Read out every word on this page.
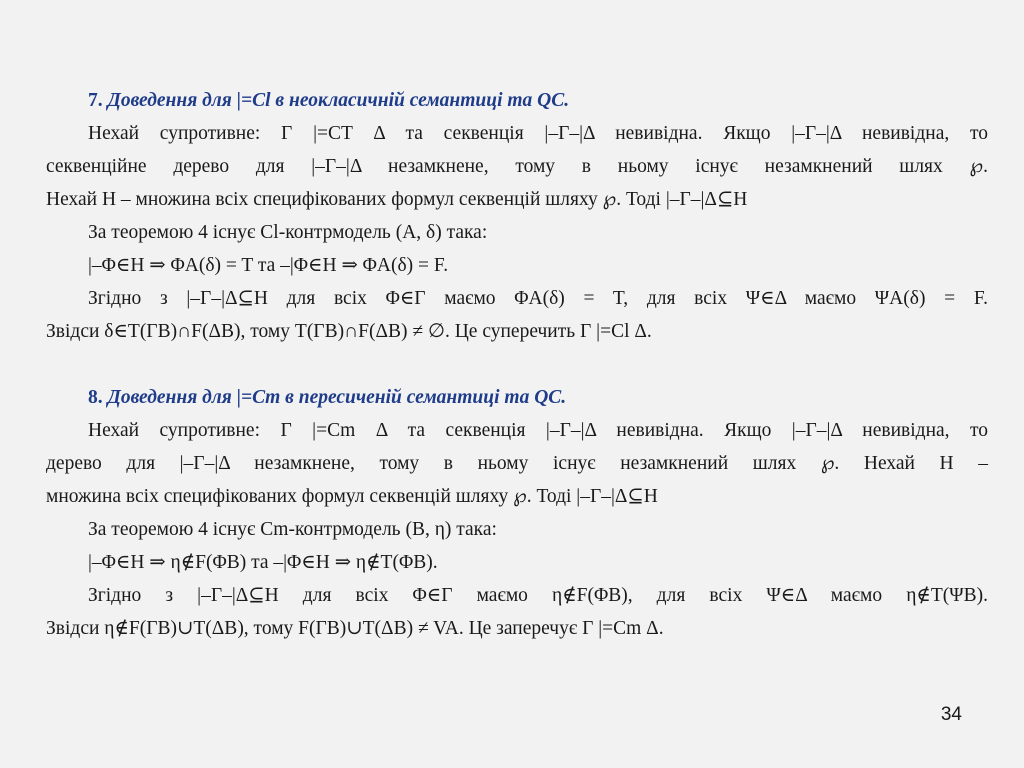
7. Доведення для |=Cl в неокласичній семантиці та QC.
Нехай супротивне: Γ |=CT Δ та секвенція |–Γ–|Δ невивідна. Якщо |–Γ–|Δ невивідна, то
секвенційне дерево для |–Γ–|Δ незамкнене, тому в ньому існує незамкнений шлях ℘.
Нехай H – множина всіх специфікованих формул секвенцій шляху ℘. Тоді |–Γ–|Δ⊆H
За теоремою 4 існує Cl-контрмодель (A, δ) така:
|–Φ∈H ⇒ ΦA(δ) = T та –|Φ∈H ⇒ ΦA(δ) = F.
Згідно з |–Γ–|Δ⊆H для всіх Φ∈Γ маємо ΦA(δ) = T, для всіх Ψ∈Δ маємо ΨA(δ) = F.
Звідси δ∈T(ΓB)∩F(ΔB), тому T(ΓB)∩F(ΔB) ≠ ∅. Це суперечить Γ |=Cl Δ.
8. Доведення для |=Cm в пересиченій семантиці та QC.
Нехай супротивне: Γ |=Cm Δ та секвенція |–Γ–|Δ невивідна. Якщо |–Γ–|Δ невивідна, то
дерево для |–Γ–|Δ незамкнене, тому в ньому існує незамкнений шлях ℘. Нехай H –
множина всіх специфікованих формул секвенцій шляху ℘. Тоді |–Γ–|Δ⊆H
За теоремою 4 існує Cm-контрмодель (B, η) така:
|–Φ∈H ⇒ η∉F(ΦB) та –|Φ∈H ⇒ η∉T(ΦB).
Згідно з |–Γ–|Δ⊆H для всіх Φ∈Γ маємо η∉F(ΦB), для всіх Ψ∈Δ маємо η∉T(ΨB).
Звідси η∉F(ΓB)∪T(ΔB), тому F(ΓB)∪T(ΔB) ≠ VA. Це заперечує Γ |=Cm Δ.
34
